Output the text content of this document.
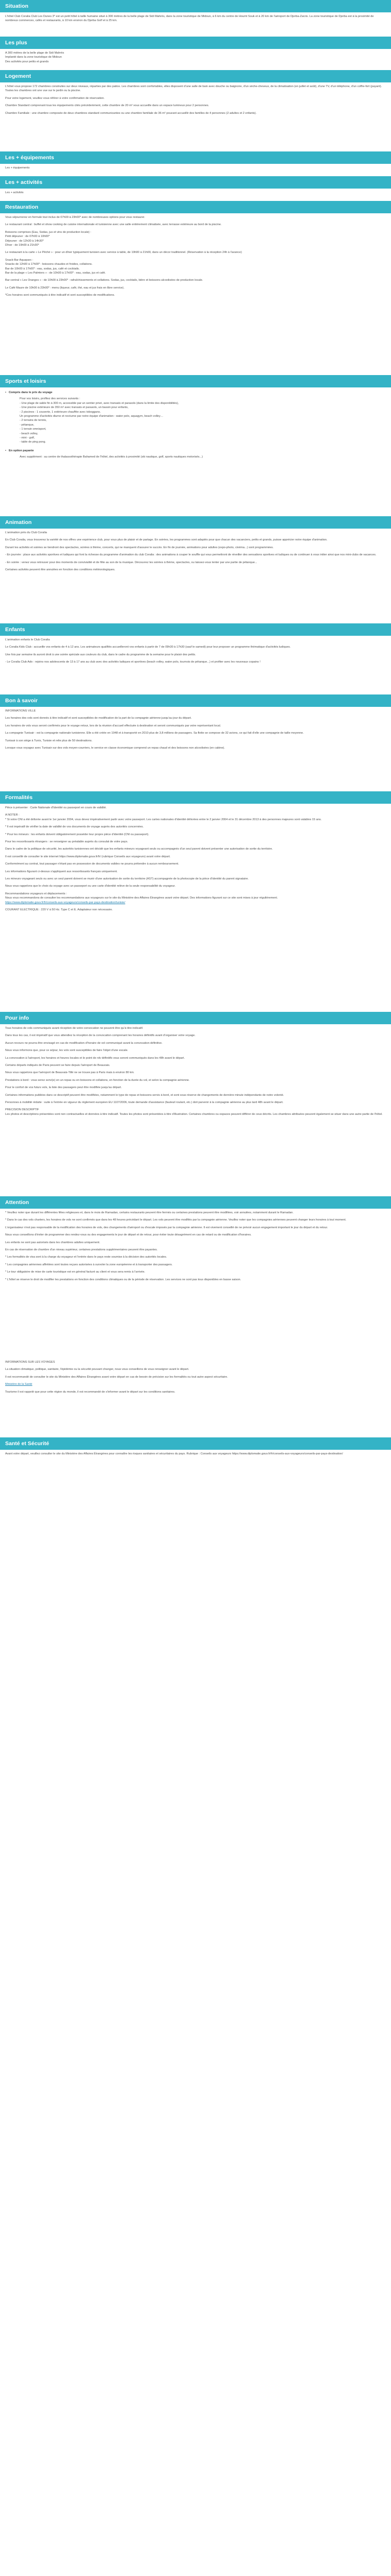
Situation

L'hôtel Club Coralia Club Les Dunes 3* est un petit hôtel à taille humaine situé à 300 mètres de la belle plage de Sidi Mahrès, dans la zone touristique de Midoun, à 6 km du centre de Houmt Souk et à 20 km de l'aéroport de Djerba-Zarzis. La zone touristique de Djerba est à la proximité de nombreux commerces, cafés et restaurants, à 10 km environ du Djerba Golf et à 25 km.

Les plus
A 300 mètres de la belle plage de Sidi Mahrès
Implanté dans la zone touristique de Midoun
Des activités pour petits et grands
Logement

L'hôtel vous propose 172 chambres construites sur deux niveaux, réparties par des patios. Les chambres sont confortables, elles disposent d'une salle de bain avec douche ou baignoire, d'un sèche-cheveux, de la climatisation (en juillet et août), d'une TV, d'un téléphone, d'un coffre-fort (payant). Toutes les chambres ont une vue sur le jardin ou la piscine.

Pour votre logement, veuillez vous référer à votre confirmation de réservation.

Chambre Standard comprenant tous les équipements cités précédemment, cette chambre de 20 m² vous accueille dans un espace lumineux pour 2 personnes.

Chambre Familiale : une chambre composée de deux chambres standard communicantes ou une chambre familiale de 36 m² pouvant accueillir des familles de 4 personnes (2 adultes et 2 enfants).

Les + équipements

Les + équipements

Les + activités

Les + activités

Restauration

Vous séjournerez en formule tout inclus de 07h00 à 23h00* avec de nombreuses options pour vous restaurer.

Le restaurant central : buffet et show cooking de cuisine internationale et tunisienne avec une salle entièrement climatisée, avec terrasse extérieure au bord de la piscine.

Boissons comprises (Eau, Sodas, jus et vins de production locale) :

Petit déjeuner : de 07h00 à 10h00*

Déjeuner : de 12h30 à 14h30*

Dîner : de 19h00 à 21h30*

Le restaurant à la carte « Le Pêché » : pour un dîner typiquement tunisien avec service à table, de 19h00 à 21h00, dans un décor traditionnel. (Réservation à la réception 24h à l'avance)

Snack-Bar Aquaparc :

Snacks de 12h00 à 17h00* : boissons chaudes et froides, collations.

Bar de 10h00 à 17h00* : eau, sodas, jus, café et cocktails.

Bar de la plage « Les Palmiers » : de 10h00 à 17h00* : eau, sodas, jus et café.

Bar central « Les Oranges » : de 10h00 à 23h00* : rafraîchissements et collations. Sodas, jus, cocktails, bière et boissons alcoolisées de production locale.

Le Café Maure de 10h00 à 23h00* : menu (liqueur, café, thé, eau et jus frais en libre service).

*Ces horaires sont communiqués à titre indicatif et sont susceptibles de modifications.

Sports et loisirs
• Compris dans le prix du voyage
Pour vos loisirs, profitez des services suivants :
- Une plage de sable fin à 300 m, accessible par un sentier privé, avec transats et parasols (dans la limite des disponibilités),
- Une piscine extérieure de 350 m² avec transats et parasols, un bassin pour enfants,
- 2 piscines : 1 couverte, 1 extérieure chauffée avec toboggans.
Un programme d'activités diurne et nocturne par notre équipe d'animation : water polo, aquagym, beach volley…
- 2 terrains de tennis,
- pétanque,
- 1 terrain omnisport,
- beach volley,
- mini - golf,
- table de ping pong.
• En option payante
Avec supplément : au centre de thalassothérapie Bahamed de l'hôtel, des activités à proximité (ski nautique, golf, sports nautiques motorisés...)
Animation

L'animation près du Club Coralia

En Club Coralia, vous trouverez la variété de nos offres une expérience club, pour vous plus de plaisir et de partage. En soirées, les programmes sont adaptés pour que chacun des vacanciers, petits et grands, puisse apprécier notre équipe d'animation.

Durant les activités et soirées se tiendront des spectacles, soirées à thème, concerts, qui ne manquent d'assurer le succès. En fin de journée, animations pour adultes (expo-photo, cinéma...) sont programmées.

- En journée : place aux activités sportives et ludiques qui font la richesse du programme d'animation du club Coralia : des animations à couper le souffle qui vous permettront de réveiller des sensations sportives et ludiques ou de continuer à vous initier ainsi que nos mini-clubs de vacances.

- En soirée : venez vous retrouver pour des moments de convivialité et de fête au son de la musique. Découvrez les soirées à thème, spectacles, ou laissez-vous tenter par une partie de pétanque...

Certaines activités peuvent être annulées en fonction des conditions météorologiques.

Enfants

L'animation enfants le Club Coralia

Le Coralia Kids Club : accueille vos enfants de 4 à 12 ans. Les animateurs qualifiés accueilleront vos enfants à partir de 7 de 09h30 à 17h30 (sauf le samedi) pour leur proposer un programme thématique d'activités ludiques.

Une fois par semaine ils auront droit à une soirée spéciale aux couleurs du club, dans le cadre du programme de la semaine pour le plaisir des petits.

- Le Coralia Club Ado : rejoins nos adolescents de 13 à 17 ans au club avec des activités ludiques et sportives (beach volley, water polo, tournois de pétanque...) et profiter avec les nouveaux copains !

Bon à savoir

INFORMATIONS VILLE

Les horaires des vols sont donnés à titre indicatif et sont susceptibles de modification de la part de la compagnie aérienne jusqu'au jour du départ.

Les horaires de vols vous seront confirmés pour le voyage retour, lors de la réunion d'accueil effectuée à destination et seront communiqués par votre représentant local.

La compagnie Tunisair : est la compagnie nationale tunisienne. Elle a été créée en 1948 et à transporté en 2010 plus de 3,8 millions de passagers. Sa flotte se compose de 32 avions, ce qui fait d'elle une compagnie de taille moyenne.

Tunisair à son siège à Tunis, Tunisie et relie plus de 50 destinations.

Lorsque vous voyagez avec Tunisair sur des vols moyen-courriers, le service en classe économique comprend un repas chaud et des boissons non alcoolisées (en cabine).

Formalités

Pièce à présenter : Carte Nationale d'Identité ou passeport en cours de validité.

A NOTER :

* Si votre CNI a été délivrée avant le 1er janvier 2004, vous devez impérativement partir avec votre passeport. Les cartes nationales d'identité délivrées entre le 2 janvier 2004 et le 31 décembre 2013 à des personnes majeures sont valables 15 ans.

* Il est impératif de vérifier la date de validité de vos documents de voyage auprès des autorités concernées.

* Pour les mineurs : les enfants doivent obligatoirement posséder leur propre pièce d'identité (CNI ou passeport).

Pour les ressortissants étrangers : se renseigner au préalable auprès du consulat de votre pays.

Dans le cadre de la politique de sécurité, les autorités tunisiennes ont décidé que les enfants mineurs voyageant seuls ou accompagnés d'un seul parent doivent présenter une autorisation de sortie du territoire.

Il est conseillé de consulter le site internet https://www.diplomatie.gouv.fr/fr/ (rubrique Conseils aux voyageurs) avant votre départ.

Conformément au contrat, tout passager n'étant pas en possession de documents valides ne pourra prétendre à aucun remboursement.

Les informations figurant ci-dessus s'appliquent aux ressortissants français uniquement.

Les mineurs voyageant seuls ou avec un seul parent doivent se munir d'une autorisation de sortie du territoire (AST) accompagnée de la photocopie de la pièce d'identité du parent signataire.

Nous vous rappelons que le choix du voyage avec un passeport ou une carte d'identité relève de la seule responsabilité du voyageur.

Recommandations voyageurs et déplacements :

Nous vous recommandons de consulter les recommandations aux voyageurs sur le site du Ministère des Affaires Étrangères avant votre départ. Des informations figurant sur ce site sont mises à jour régulièrement.

https://www.diplomatie.gouv.fr/fr/conseils-aux-voyageurs/conseils-par-pays-destination/tunisie/

COURANT ELECTRIQUE : 220 V à 50 Hz. Type C et E. Adaptateur non nécessaire.

Pour info

Tous horaires de vols communiqués avant réception de votre convocation ne peuvent être qu'à titre indicatif.

Dans tous les cas, il est impératif que vous attendiez la réception de la convocation comprenant les horaires définitifs avant d'organiser votre voyage.

Aucun recours ne pourra être envisagé en cas de modification d'horaire de vol communiqué avant la convocation définitive.

Nous vous informons que, pour ce séjour, les vols sont susceptibles de faire l'objet d'une escale.

La convocation à l'aéroport, les horaires et heures locales et le point de rdv définitifs vous seront communiqués dans les 48h avant le départ.

Certains départs indiqués de Paris peuvent se faire depuis l'aéroport de Beauvais.

Nous vous rappelons que l'aéroport de Beauvais-Tillé ne se trouve pas à Paris mais à environ 80 km.

Prestations à bord : vous serez servi(e) en un repas ou en boissons et collations, en fonction de la durée du vol, et selon la compagnie aérienne.

Pour le confort de vos futurs vols, la liste des passagers peut être modifiée jusqu'au départ.

Certaines informations publiées dans ce descriptif peuvent être modifiées, notamment le type de repas et boissons servis à bord, et sont sous réserve de changements de dernière minute indépendants de notre volonté.

Personnes à mobilité réduite : suite à l'entrée en vigueur du règlement européen EU 1107/2006, toute demande d'assistance (fauteuil roulant, etc.) doit parvenir à la compagnie aérienne au plus tard 48h avant le départ.

PRECISION DESCRIPTIF

Les photos et descriptions présentées sont non contractuelles et données à titre indicatif. Toutes les photos sont présentées à titre d'illustration. Certaines chambres ou espaces peuvent différer de ceux décrits. Les chambres attribuées peuvent également se situer dans une autre partie de l'hôtel.

Attention

* Veuillez noter que durant les différentes fêtes religieuses et, dans le mois de Ramadan, certains restaurants peuvent être fermés ou certaines prestations peuvent être modifiées, voir annulées, notamment durant le Ramadan.

* Dans le cas des vols charters, les horaires de vols ne sont confirmés que dans les 48 heures précédant le départ. Les vols peuvent être modifiés par la compagnie aérienne. Veuillez noter que les compagnies aériennes peuvent changer leurs horaires à tout moment.

L'organisateur n'est pas responsable de la modification des horaires de vols, des changements d'aéroport ou d'escale imposés par la compagnie aérienne. Il est vivement conseillé de ne prévoir aucun engagement important le jour du départ et du retour.

Nous vous conseillons d'éviter de programmer des rendez-vous ou des engagements le jour de départ et de retour, pour éviter toute désagrément en cas de retard ou de modification d'horaires.

Les enfants ne sont pas autorisés dans les chambres adultes uniquement.

En cas de réservation de chambre d'un niveau supérieur, certaines prestations supplémentaires peuvent être payantes.

* Les formalités de visa sont à la charge du voyageur et l'entrée dans le pays reste soumise à la décision des autorités locales.

* Les compagnies aériennes affrétées sont toutes reçues autorisées à survoler la zone européenne et à transporter des passagers.

* Le tour obligatoire de mise de carte touristique est en général facturé au client et vous sera remis à l'arrivée.

* L'hôtel se réserve le droit de modifier les prestations en fonction des conditions climatiques ou de la période de réservation. Les services ne sont pas tous disponibles en basse saison.

INFORMATIONS SUR LES VOYAGES

La situation climatique, politique, sanitaire, l'épidémie ou la sécurité pouvant changer, nous vous conseillons de vous renseigner avant le départ.

Il est recommandé de consulter le site du Ministère des Affaires Étrangères avant votre départ en cas de besoin de précision sur les formalités ou tout autre aspect sécuritaire.

Ministère de la Santé

Tourisme il est rappelé que pour cette région du monde, il est recommandé de s'informer avant le départ sur les conditions sanitaires.

Santé et Sécurité

Avant votre départ, veuillez consulter le site du Ministère des Affaires Étrangères pour connaître les risques sanitaires et sécuritaires du pays. Rubrique : Conseils aux voyageurs https://www.diplomatie.gouv.fr/fr/conseils-aux-voyageurs/conseils-par-pays-destination/
